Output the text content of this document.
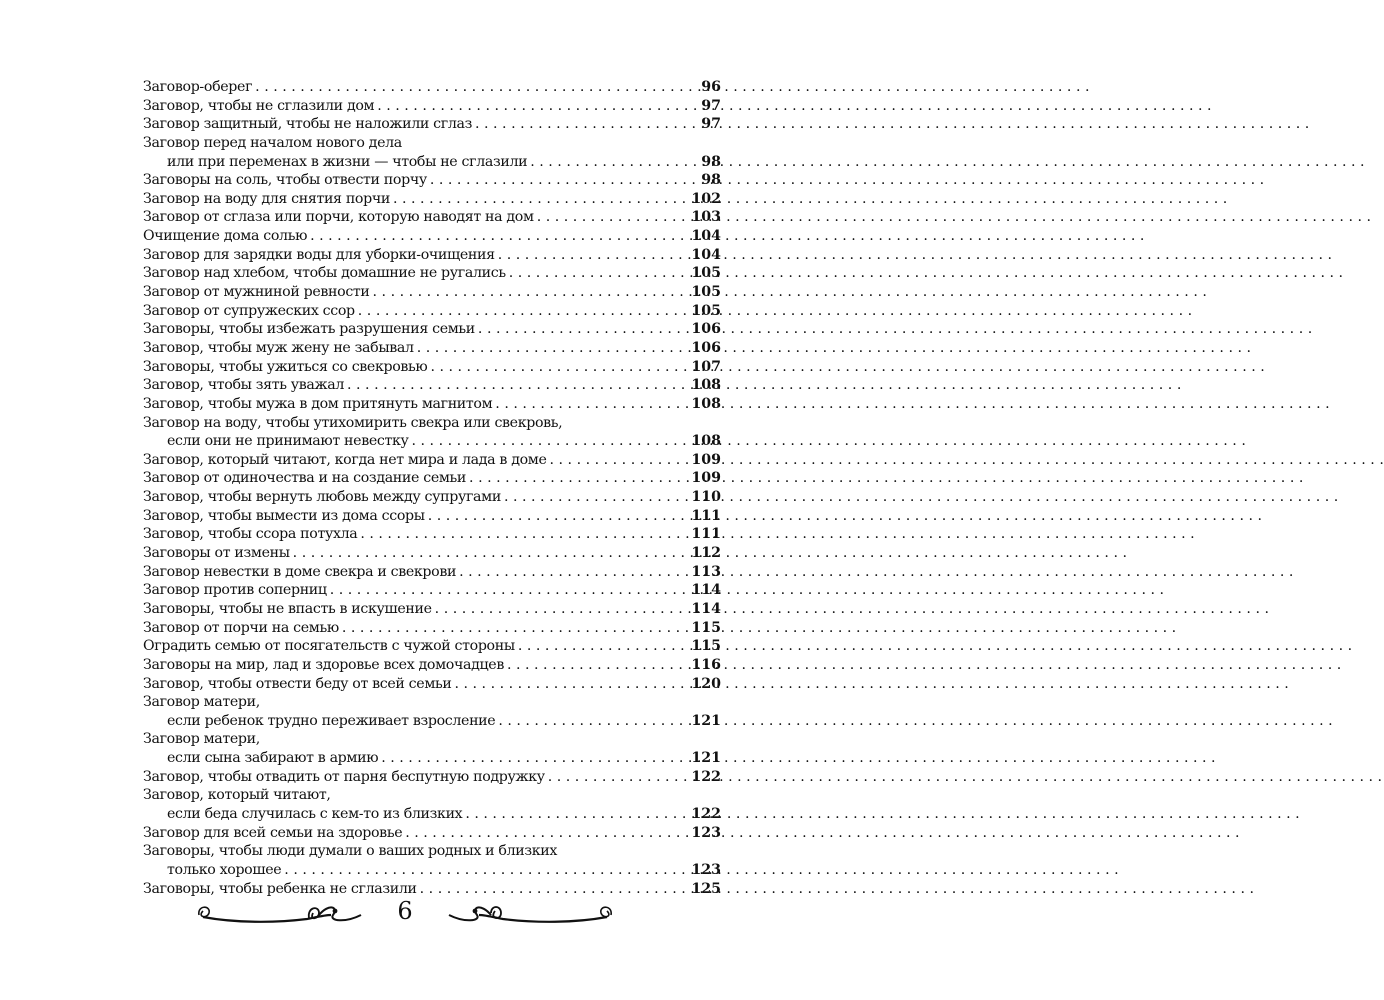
Заговор-оберег . . .	96
Заговор, чтобы не сглазили дом . . .	97
Заговор защитный, чтобы не наложили сглаз . . .	97
Заговор перед началом нового дела
или при переменах в жизни — чтобы не сглазили . . .	98
Заговоры на соль, чтобы отвести порчу . . .	98
Заговор на воду для снятия порчи . . .	102
Заговор от сглаза или порчи, которую наводят на дом . . .	103
Очищение дома солью . . .	104
Заговор для зарядки воды для уборки-очищения . . .	104
Заговор над хлебом, чтобы домашние не ругались . . .	105
Заговор от мужниной ревности . . .	105
Заговор от супружеских ссор . . .	105
Заговоры, чтобы избежать разрушения семьи . . .	106
Заговор, чтобы муж жену не забывал . . .	106
Заговоры, чтобы ужиться со свекровью . . .	107
Заговор, чтобы зять уважал . . .	108
Заговор, чтобы мужа в дом притянуть магнитом . . .	108
Заговор на воду, чтобы утихомирить свекра или свекровь,
если они не принимают невестку . . .	108
Заговор, который читают, когда нет мира и лада в доме . . .	109
Заговор от одиночества и на создание семьи . . .	109
Заговор, чтобы вернуть любовь между супругами . . .	110
Заговор, чтобы вымести из дома ссоры . . .	111
Заговор, чтобы ссора потухла . . .	111
Заговоры от измены . . .	112
Заговор невестки в доме свекра и свекрови . . .	113
Заговор против соперниц . . .	114
Заговоры, чтобы не впасть в искушение . . .	114
Заговор от порчи на семью . . .	115
Оградить семью от посягательств с чужой стороны . . .	115
Заговоры на мир, лад и здоровье всех домочадцев . . .	116
Заговор, чтобы отвести беду от всей семьи . . .	120
Заговор матери,
если ребенок трудно переживает взросление . . .	121
Заговор матери,
если сына забирают в армию . . .	121
Заговор, чтобы отвадить от парня беспутную подружку . . .	122
Заговор, который читают,
если беда случилась с кем-то из близких . . .	122
Заговор для всей семьи на здоровье . . .	123
Заговоры, чтобы люди думали о ваших родных и близких
только хорошее . . .	123
Заговоры, чтобы ребенка не сглазили . . .	125
6
